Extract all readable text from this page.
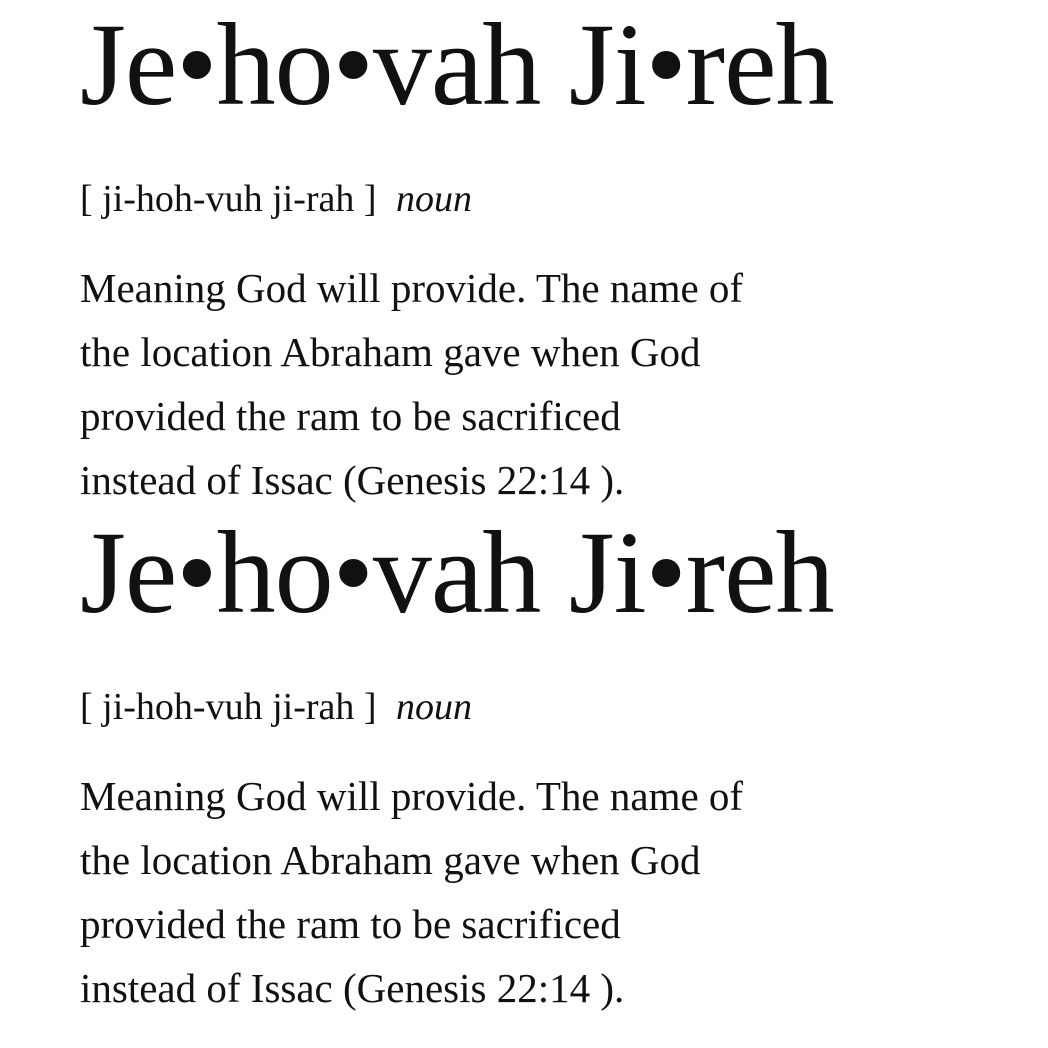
Je•ho•vah Ji•reh
[ ji-hoh-vuh ji-rah ] noun
Meaning God will provide. The name of
the location Abraham gave when God
provided the ram to be sacrificed
instead of Issac (Genesis 22:14 ).
Je•ho•vah Ji•reh
[ ji-hoh-vuh ji-rah ] noun
Meaning God will provide. The name of
the location Abraham gave when God
provided the ram to be sacrificed
instead of Issac (Genesis 22:14 ).
